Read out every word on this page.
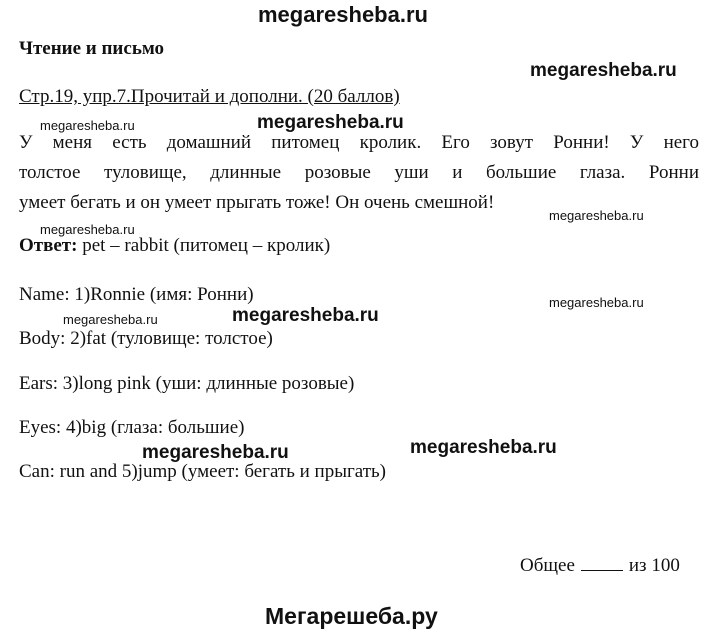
megaresheba.ru
Чтение и письмо
megaresheba.ru
Стр.19, упр.7.Прочитай и дополни. (20 баллов)
megaresheba.ru	megaresheba.ru
У меня есть домашний питомец кролик. Его зовут Ронни! У него
толстое туловище, длинные розовые уши и большие глаза. Ронни
умеет бегать и он умеет прыгать тоже! Он очень смешной!
megaresheba.ru
megaresheba.ru
Ответ: pet – rabbit (питомец – кролик)
Name: 1)Ronnie (имя: Ронни)	megaresheba.ru
megaresheba.ru	megaresheba.ru
Body: 2)fat (туловище: толстое)
Ears: 3)long pink (уши: длинные розовые)
Eyes: 4)big (глаза: большие)
megaresheba.ru	megaresheba.ru
Can: run and 5)jump (умеет: бегать и прыгать)
Общее	из 100
Мегарешеба.ру
